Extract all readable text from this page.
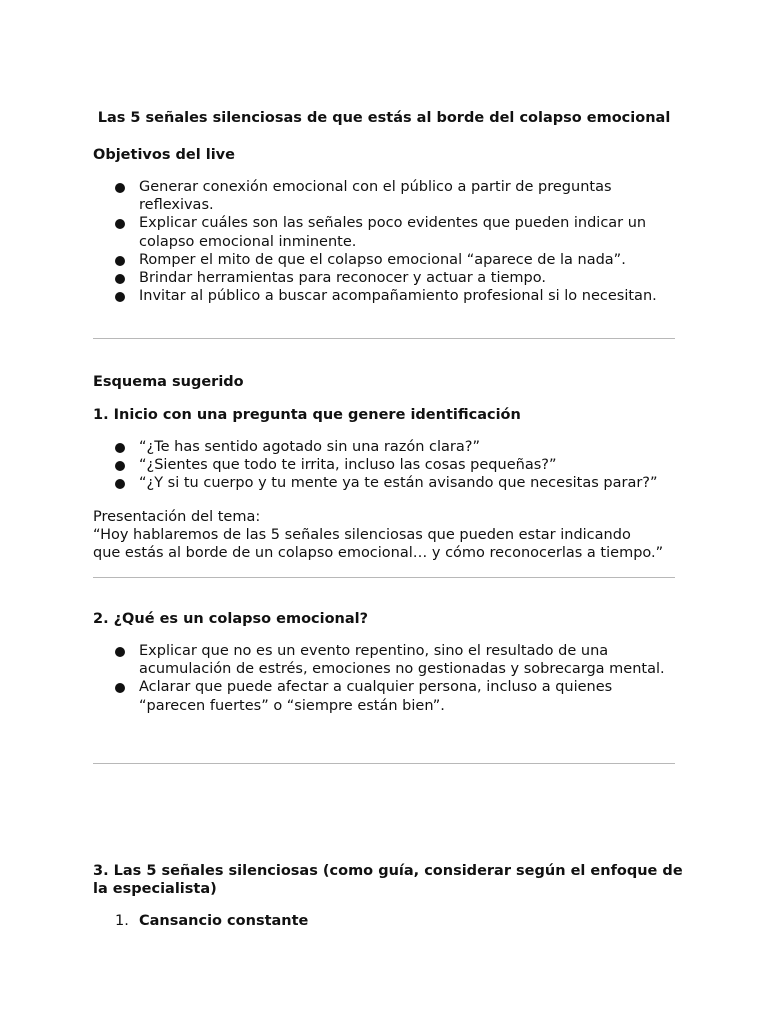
Las 5 señales silenciosas de que estás al borde del colapso emocional
Objetivos del live
Generar conexión emocional con el público a partir de preguntas reflexivas.
Explicar cuáles son las señales poco evidentes que pueden indicar un colapso emocional inminente.
Romper el mito de que el colapso emocional “aparece de la nada”.
Brindar herramientas para reconocer y actuar a tiempo.
Invitar al público a buscar acompañamiento profesional si lo necesitan.
Esquema sugerido
1. Inicio con una pregunta que genere identificación
“¿Te has sentido agotado sin una razón clara?”
“¿Sientes que todo te irrita, incluso las cosas pequeñas?”
“¿Y si tu cuerpo y tu mente ya te están avisando que necesitas parar?”
Presentación del tema:
“Hoy hablaremos de las 5 señales silenciosas que pueden estar indicando
que estás al borde de un colapso emocional… y cómo reconocerlas a tiempo.”
2. ¿Qué es un colapso emocional?
Explicar que no es un evento repentino, sino el resultado de una acumulación de estrés, emociones no gestionadas y sobrecarga mental.
Aclarar que puede afectar a cualquier persona, incluso a quienes “parecen fuertes” o “siempre están bien”.
3. Las 5 señales silenciosas (como guía, considerar según el enfoque de
la especialista)
1. Cansancio constante
